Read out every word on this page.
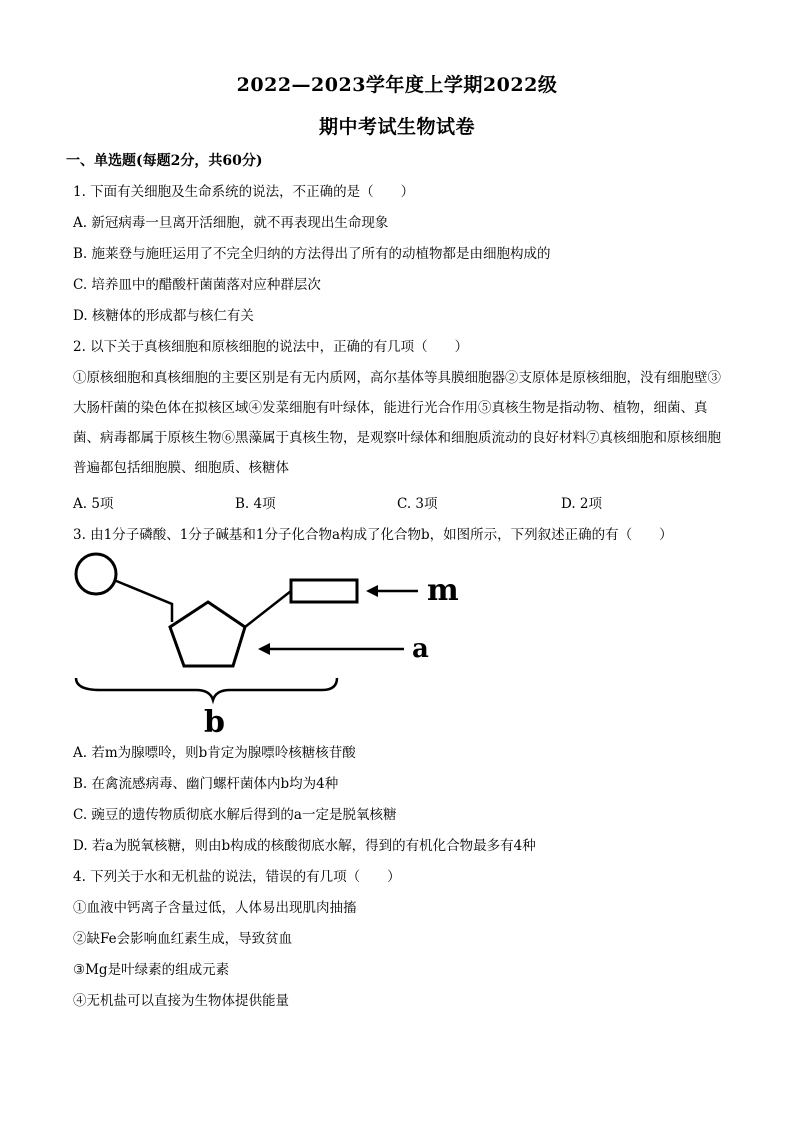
2022—2023学年度上学期2022级
期中考试生物试卷
一、单选题(每题2分，共60分)
1. 下面有关细胞及生命系统的说法，不正确的是（　　）
A. 新冠病毒一旦离开活细胞，就不再表现出生命现象
B. 施莱登与施旺运用了不完全归纳的方法得出了所有的动植物都是由细胞构成的
C. 培养皿中的醋酸杆菌菌落对应种群层次
D. 核糖体的形成都与核仁有关
2. 以下关于真核细胞和原核细胞的说法中，正确的有几项（　　）
①原核细胞和真核细胞的主要区别是有无内质网，高尔基体等具膜细胞器②支原体是原核细胞，没有细胞壁③大肠杆菌的染色体在拟核区域④发菜细胞有叶绿体，能进行光合作用⑤真核生物是指动物、植物，细菌、真菌、病毒都属于原核生物⑥黑藻属于真核生物，是观察叶绿体和细胞质流动的良好材料⑦真核细胞和原核细胞普遍都包括细胞膜、细胞质、核糖体
A. 5项	B. 4项	C. 3项	D. 2项
3. 由1分子磷酸、1分子碱基和1分子化合物a构成了化合物b，如图所示，下列叙述正确的有（　　）
m
a
b
A. 若m为腺嘌呤，则b肯定为腺嘌呤核糖核苷酸
B. 在禽流感病毒、幽门螺杆菌体内b均为4种
C. 豌豆的遗传物质彻底水解后得到的a一定是脱氧核糖
D. 若a为脱氧核糖，则由b构成的核酸彻底水解，得到的有机化合物最多有4种
4. 下列关于水和无机盐的说法，错误的有几项（　　）
①血液中钙离子含量过低，人体易出现肌肉抽搐
②缺Fe会影响血红素生成，导致贫血
③Mg是叶绿素的组成元素
④无机盐可以直接为生物体提供能量
